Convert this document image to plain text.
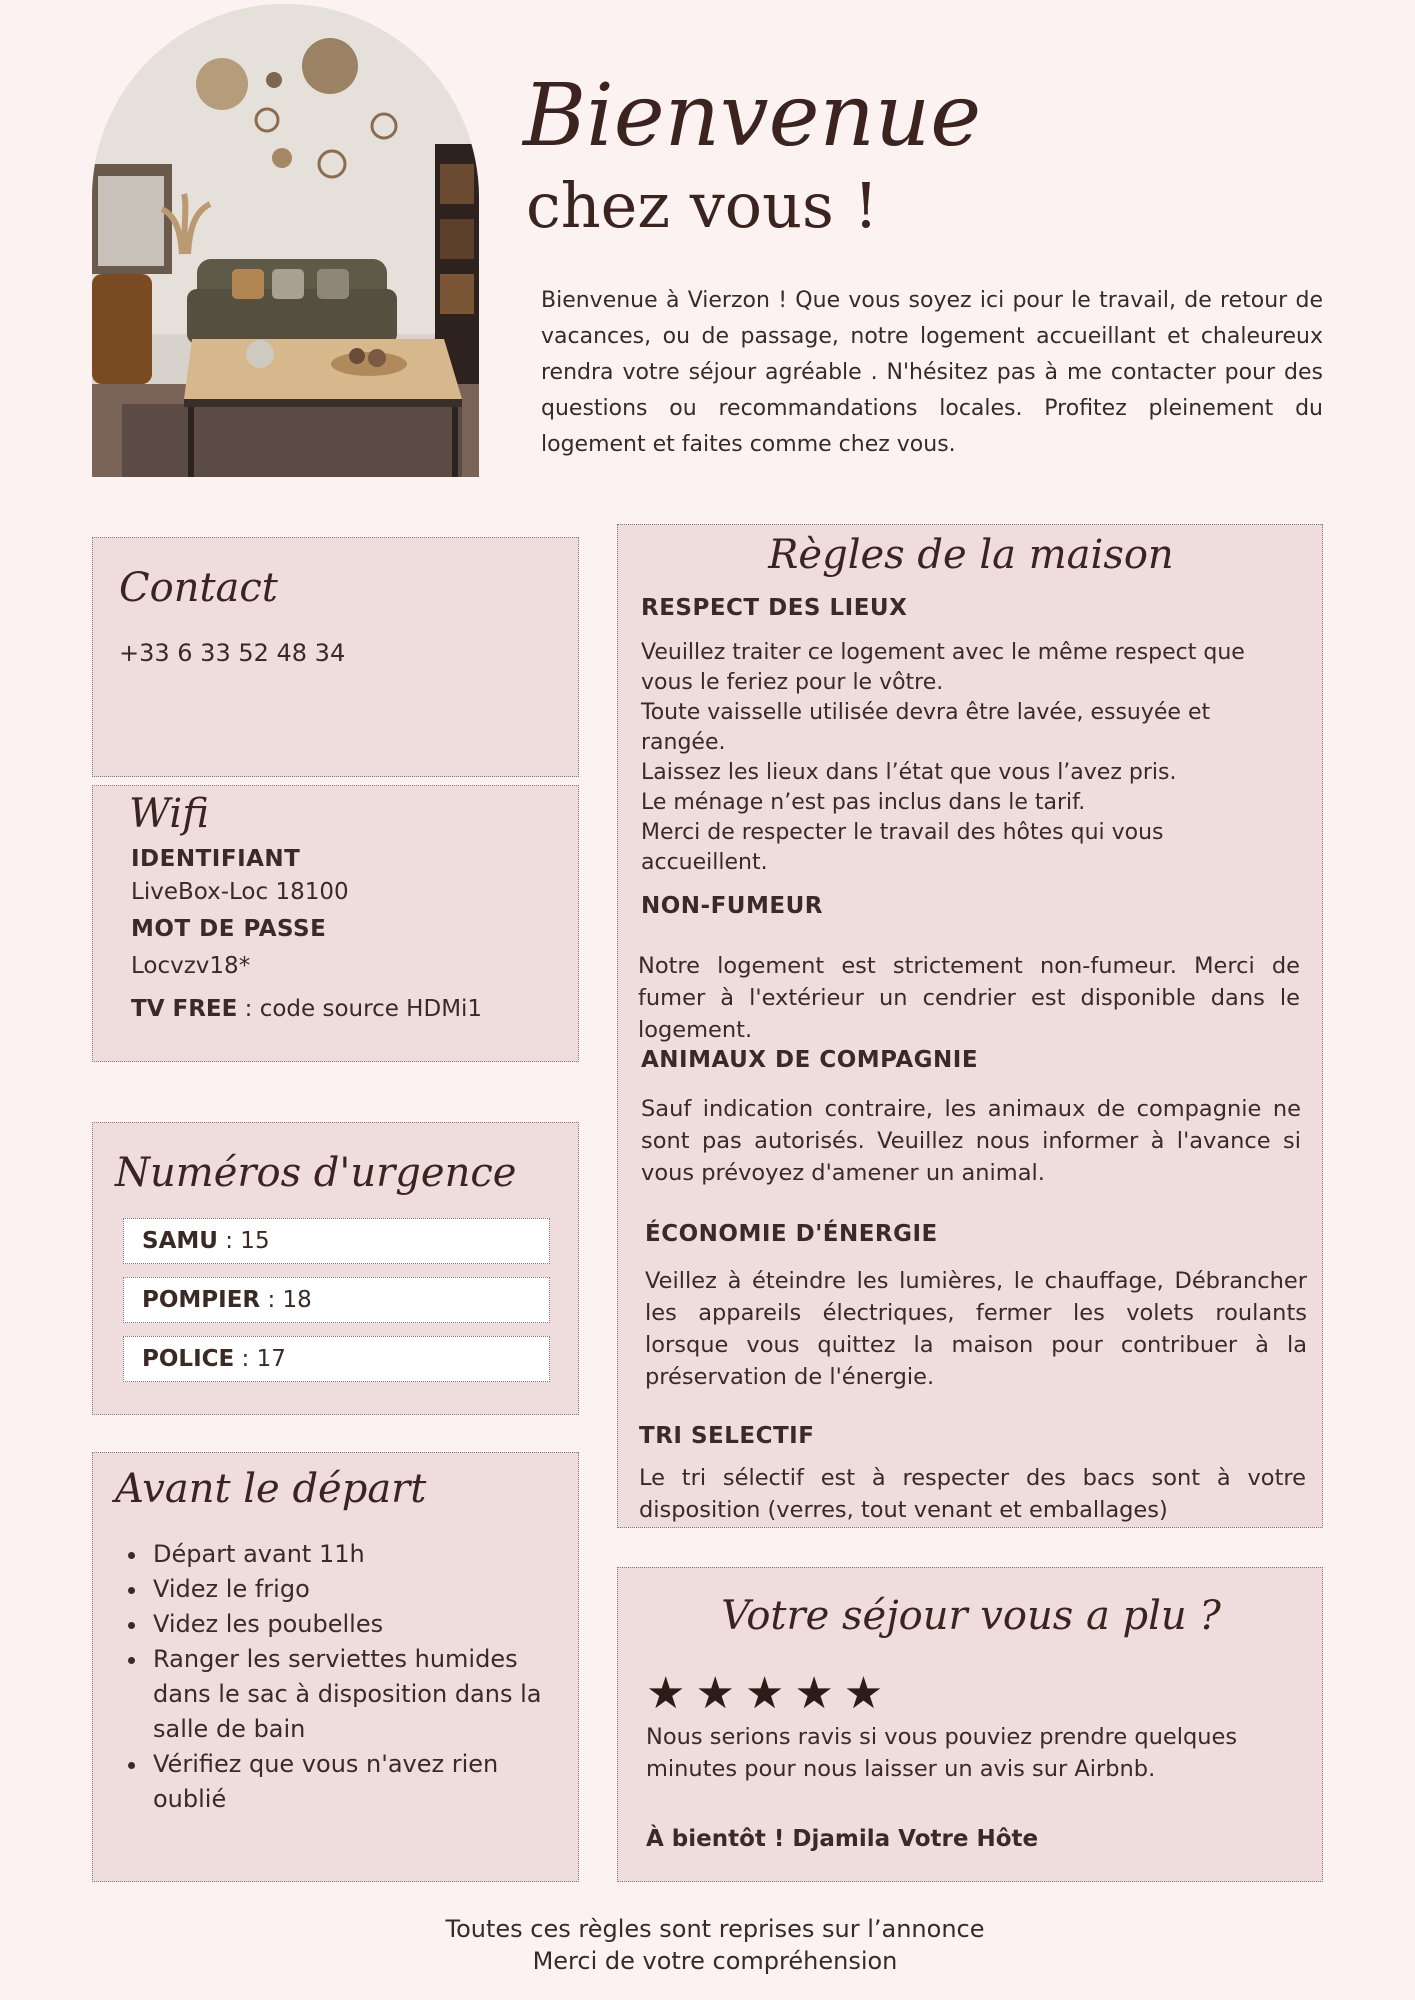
Bienvenue
chez vous !
Bienvenue à Vierzon ! Que vous soyez ici pour le travail, de retour de vacances, ou de passage, notre logement accueillant et chaleureux rendra votre séjour agréable . N'hésitez pas à me contacter pour des questions ou recommandations locales. Profitez pleinement du logement et faites comme chez vous.
Contact
+33 6 33 52 48 34
Wifi
IDENTIFIANT
LiveBox-Loc 18100
MOT DE PASSE
Locvzv18*
TV FREE : code source HDMi1
Numéros d'urgence
SAMU : 15
POMPIER : 18
POLICE : 17
Avant le départ
• Départ avant 11h
• Videz le frigo
• Videz les poubelles
• Ranger les serviettes humides dans le sac à disposition dans la salle de bain
• Vérifiez que vous n'avez rien oublié
Règles de la maison
RESPECT DES LIEUX
Veuillez traiter ce logement avec le même respect que vous le feriez pour le vôtre.
Toute vaisselle utilisée devra être lavée, essuyée et rangée.
Laissez les lieux dans l’état que vous l’avez pris.
Le ménage n’est pas inclus dans le tarif.
Merci de respecter le travail des hôtes qui vous accueillent.
NON-FUMEUR
Notre logement est strictement non-fumeur. Merci de fumer à l'extérieur un cendrier est disponible dans le logement.
ANIMAUX DE COMPAGNIE
Sauf indication contraire, les animaux de compagnie ne sont pas autorisés. Veuillez nous informer à l'avance si vous prévoyez d'amener un animal.
ÉCONOMIE D'ÉNERGIE
Veillez à éteindre les lumières, le chauffage, Débrancher les appareils électriques, fermer les volets roulants lorsque vous quittez la maison pour contribuer à la préservation de l'énergie.
TRI SELECTIF
Le tri sélectif est à respecter des bacs sont à votre disposition (verres, tout venant et emballages)
Votre séjour vous a plu ?
★★★★★
Nous serions ravis si vous pouviez prendre quelques minutes pour nous laisser un avis sur Airbnb.
À bientôt ! Djamila Votre Hôte
Toutes ces règles sont reprises sur l’annonce
Merci de votre compréhension
